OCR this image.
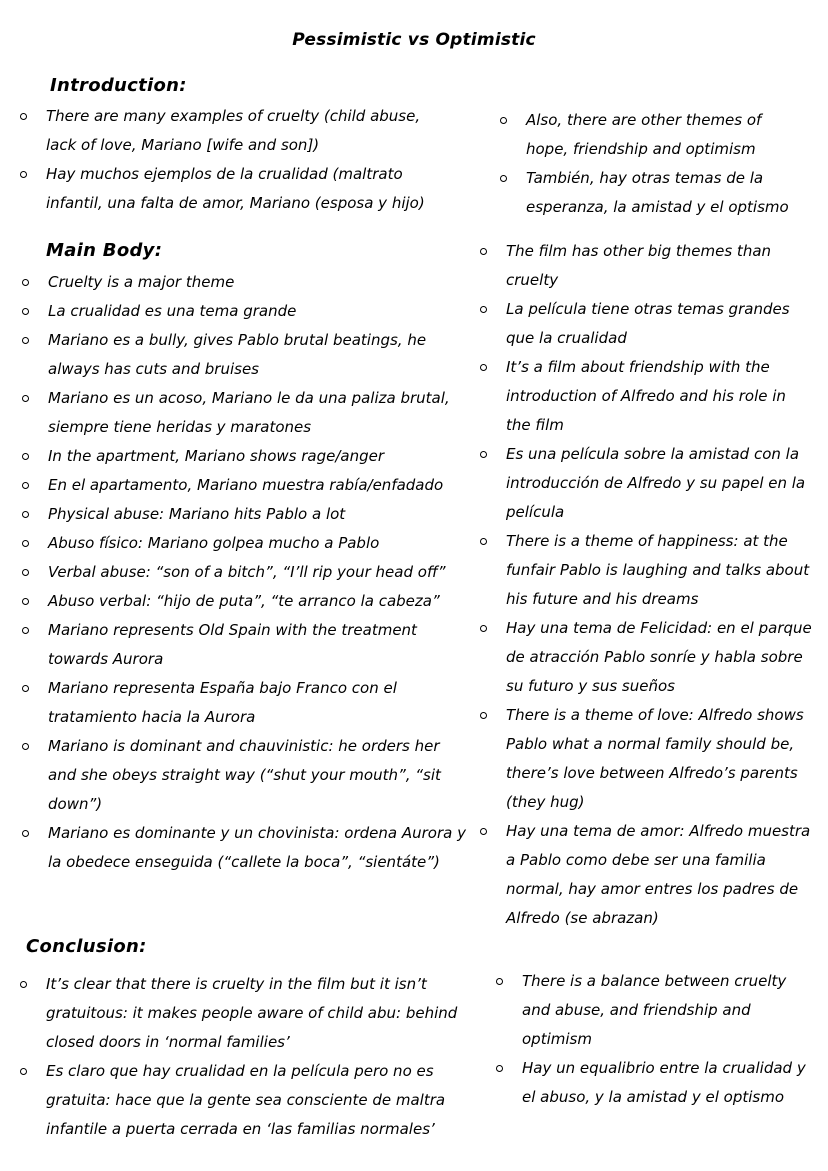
Pessimistic vs Optimistic
Introduction:
There are many examples of cruelty (child abuse, lack of love, Mariano [wife and son])
Hay muchos ejemplos de la crualidad (maltrato infantil, una falta de amor, Mariano (esposa y hijo)
Also, there are other themes of hope, friendship and optimism
También, hay otras temas de la esperanza, la amistad y el optismo
Main Body:
Cruelty is a major theme
La crualidad es una tema grande
Mariano es a bully, gives Pablo brutal beatings, he always has cuts and bruises
Mariano es un acoso, Mariano le da una paliza brutal, siempre tiene heridas y maratones
In the apartment, Mariano shows rage/anger
En el apartamento, Mariano muestra rabía/enfadado
Physical abuse: Mariano hits Pablo a lot
Abuso físico: Mariano golpea mucho a Pablo
Verbal abuse: “son of a bitch”, “I’ll rip your head off”
Abuso verbal: “hijo de puta”, “te arranco la cabeza”
Mariano represents Old Spain with the treatment towards Aurora
Mariano representa España bajo Franco con el tratamiento hacia la Aurora
Mariano is dominant and chauvinistic: he orders her and she obeys straight way (“shut your mouth”, “sit down”)
Mariano es dominante y un chovinista: ordena Aurora y la obedece enseguida (“callete la boca”, “sientáte”)
The film has other big themes than cruelty
La película tiene otras temas grandes que la crualidad
It’s a film about friendship with the introduction of Alfredo and his role in the film
Es una película sobre la amistad con la introducción de Alfredo y su papel en la película
There is a theme of happiness: at the funfair Pablo is laughing and talks about his future and his dreams
Hay una tema de Felicidad: en el parque de atracción Pablo sonríe y habla sobre su futuro y sus sueños
There is a theme of love: Alfredo shows Pablo what a normal family should be, there’s love between Alfredo’s parents (they hug)
Hay una tema de amor: Alfredo muestra a Pablo como debe ser una familia normal, hay amor entres los padres de Alfredo (se abrazan)
Conclusion:
It’s clear that there is cruelty in the film but it isn’t gratuitous: it makes people aware of child abu: behind closed doors in ‘normal families’
Es claro que hay crualidad en la película pero no es gratuita: hace que la gente sea consciente de maltra infantile a puerta cerrada en ‘las familias normales’
There is a balance between cruelty and abuse, and friendship and optimism
Hay un equalibrio entre la crualidad y el abuso, y la amistad y el optismo
